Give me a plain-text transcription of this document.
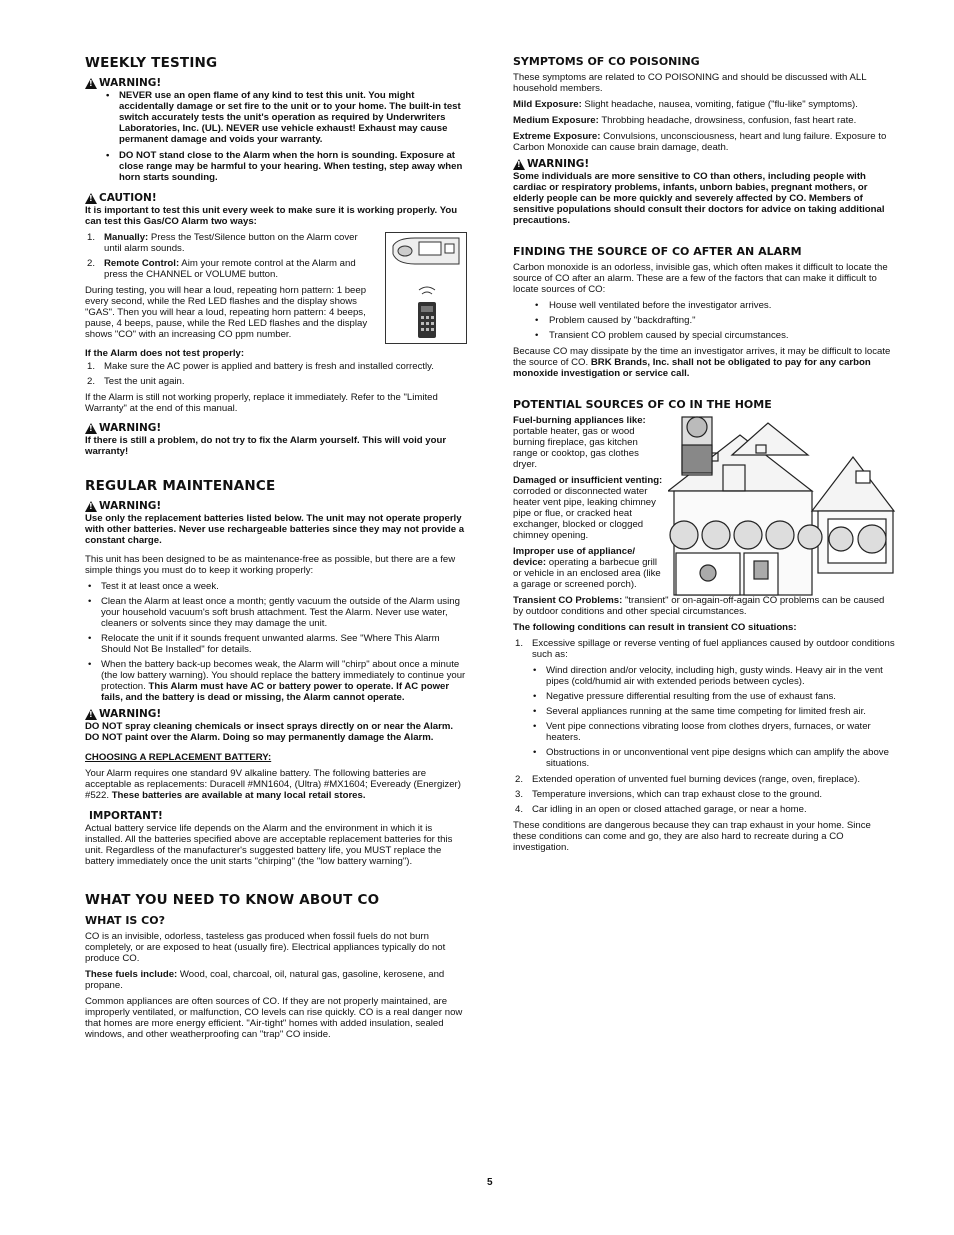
WEEKLY TESTING
!
WARNING!
• NEVER use an open flame of any kind to test this unit. You might accidentally damage or set fire to the unit or to your home. The built-in test switch accurately tests the unit's operation as required by Underwriters Laboratories, Inc. (UL). NEVER use vehicle exhaust! Exhaust may cause permanent damage and voids your warranty.
• DO NOT stand close to the Alarm when the horn is sounding. Exposure at close range may be harmful to your hearing. When testing, step away when horn starts sounding.
!
CAUTION!

It is important to test this unit every week to make sure it is working properly. You can test this Gas/CO Alarm two ways:

1. Manually: Press the Test/Silence button on the Alarm cover until alarm sounds.
2. Remote Control: Aim your remote control at the Alarm and press the CHANNEL or VOLUME button.

During testing, you will hear a loud, repeating horn pattern: 1 beep every second, while the Red LED flashes and the display shows "GAS". Then you will hear a loud, repeating horn pattern: 4 beeps, pause, 4 beeps, pause, while the Red LED flashes and the display shows "CO" with an increasing CO ppm number.

If the Alarm does not test properly:

1. Make sure the AC power is applied and battery is fresh and installed correctly.
2. Test the unit again.

If the Alarm is still not working properly, replace it immediately. Refer to the "Limited Warranty" at the end of this manual.

!
WARNING!

If there is still a problem, do not try to fix the Alarm yourself. This will void your warranty!

REGULAR MAINTENANCE
!
WARNING!

Use only the replacement batteries listed below. The unit may not operate properly with other batteries. Never use rechargeable batteries since they may not provide a constant charge.

This unit has been designed to be as maintenance-free as possible, but there are a few simple things you must do to keep it working properly:

• Test it at least once a week.
• Clean the Alarm at least once a month; gently vacuum the outside of the Alarm using your household vacuum's soft brush attachment. Test the Alarm. Never use water, cleaners or solvents since they may damage the unit.
• Relocate the unit if it sounds frequent unwanted alarms. See "Where This Alarm Should Not Be Installed" for details.
• When the battery back-up becomes weak, the Alarm will "chirp" about once a minute (the low battery warning). You should replace the battery immediately to continue your protection. This Alarm must have AC or battery power to operate. If AC power fails, and the battery is dead or missing, the Alarm cannot operate.
!
WARNING!

DO NOT spray cleaning chemicals or insect sprays directly on or near the Alarm. DO NOT paint over the Alarm. Doing so may permanently damage the Alarm.

CHOOSING A REPLACEMENT BATTERY:

Your Alarm requires one standard 9V alkaline battery. The following batteries are acceptable as replacements: Duracell #MN1604, (Ultra) #MX1604; Eveready (Energizer) #522. These batteries are available at many local retail stores.

IMPORTANT!

Actual battery service life depends on the Alarm and the environment in which it is installed. All the batteries specified above are acceptable replacement batteries for this unit. Regardless of the manufacturer's suggested battery life, you MUST replace the battery immediately once the unit starts "chirping" (the "low battery warning").

WHAT YOU NEED TO KNOW ABOUT CO
WHAT IS CO?

CO is an invisible, odorless, tasteless gas produced when fossil fuels do not burn completely, or are exposed to heat (usually fire). Electrical appliances typically do not produce CO.

These fuels include: Wood, coal, charcoal, oil, natural gas, gasoline, kerosene, and propane.

Common appliances are often sources of CO. If they are not properly maintained, are improperly ventilated, or malfunction, CO levels can rise quickly. CO is a real danger now that homes are more energy efficient. "Air-tight" homes with added insulation, sealed windows, and other weatherproofing can "trap" CO inside.

SYMPTOMS OF CO POISONING

These symptoms are related to CO POISONING and should be discussed with ALL household members.

Mild Exposure: Slight headache, nausea, vomiting, fatigue ("flu-like" symptoms).

Medium Exposure: Throbbing headache, drowsiness, confusion, fast heart rate.

Extreme Exposure: Convulsions, unconsciousness, heart and lung failure. Exposure to Carbon Monoxide can cause brain damage, death.

!
WARNING!

Some individuals are more sensitive to CO than others, including people with cardiac or respiratory problems, infants, unborn babies, pregnant mothers, or elderly people can be more quickly and severely affected by CO. Members of sensitive populations should consult their doctors for advice on taking additional precautions.

FINDING THE SOURCE OF CO AFTER AN ALARM

Carbon monoxide is an odorless, invisible gas, which often makes it difficult to locate the source of CO after an alarm. These are a few of the factors that can make it difficult to locate sources of CO:

• House well ventilated before the investigator arrives.
• Problem caused by "backdrafting."
• Transient CO problem caused by special circumstances.

Because CO may dissipate by the time an investigator arrives, it may be difficult to locate the source of CO. BRK Brands, Inc. shall not be obligated to pay for any carbon monoxide investigation or service call.

POTENTIAL SOURCES OF CO IN THE HOME

Fuel-burning appliances like: portable heater, gas or wood burning fireplace, gas kitchen range or cooktop, gas clothes dryer.

Damaged or insufficient venting: corroded or disconnected water heater vent pipe, leaking chimney pipe or flue, or cracked heat exchanger, blocked or clogged chimney opening.

Improper use of appliance/ device: operating a barbecue grill or vehicle in an enclosed area (like a garage or screened porch).

Transient CO Problems: "transient" or on-again-off-again CO problems can be caused by outdoor conditions and other special circumstances.

The following conditions can result in transient CO situations:

1. Excessive spillage or reverse venting of fuel appliances caused by outdoor conditions such as:
• Wind direction and/or velocity, including high, gusty winds. Heavy air in the vent pipes (cold/humid air with extended periods between cycles).
• Negative pressure differential resulting from the use of exhaust fans.
• Several appliances running at the same time competing for limited fresh air.
• Vent pipe connections vibrating loose from clothes dryers, furnaces, or water heaters.
• Obstructions in or unconventional vent pipe designs which can amplify the above situations.
2. Extended operation of unvented fuel burning devices (range, oven, fireplace).
3. Temperature inversions, which can trap exhaust close to the ground.
4. Car idling in an open or closed attached garage, or near a home.

These conditions are dangerous because they can trap exhaust in your home. Since these conditions can come and go, they are also hard to recreate during a CO investigation.

5
